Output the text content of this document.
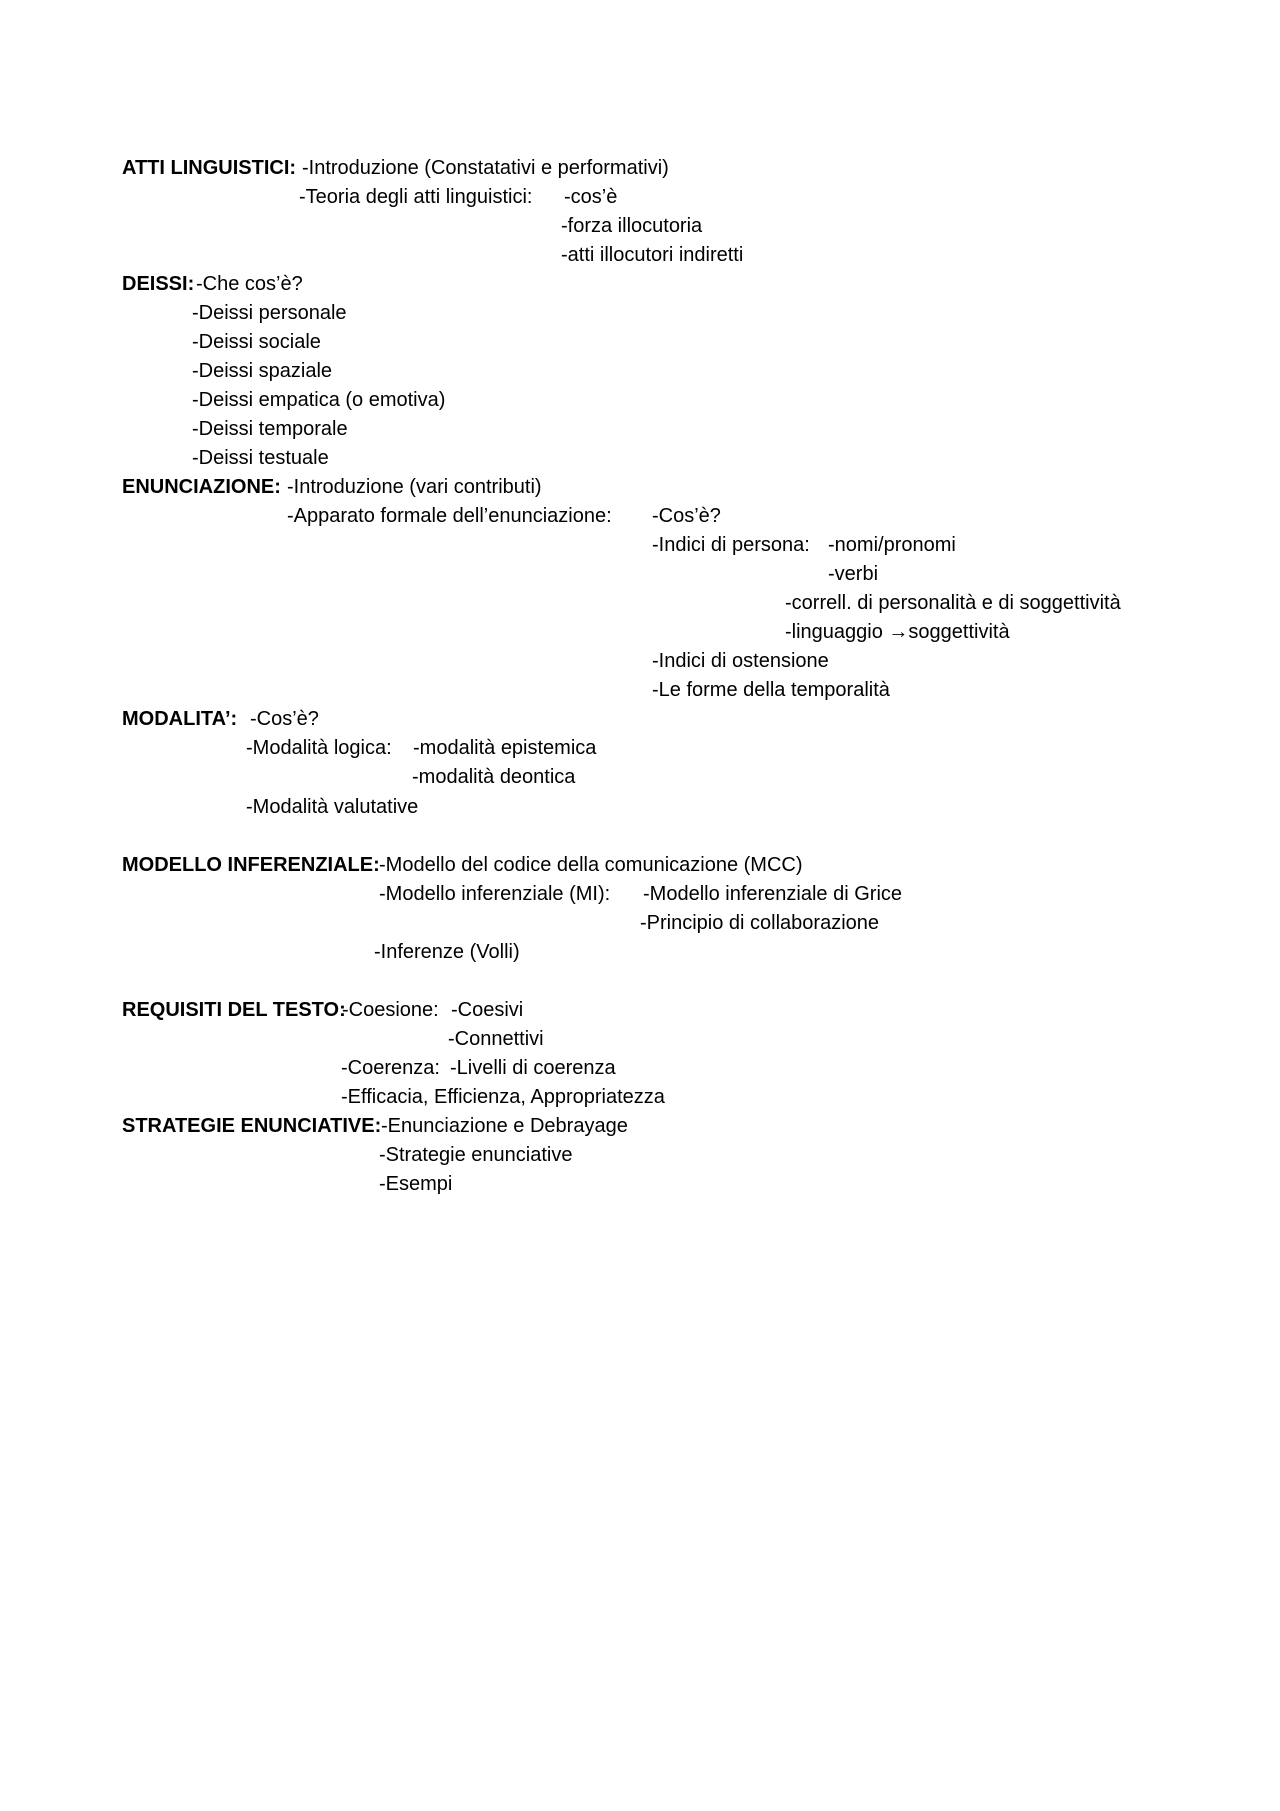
ATTI LINGUISTICI: -Introduzione (Constatativi e performativi)
-Teoria degli atti linguistici: -cos’è
-forza illocutoria
-atti illocutori indiretti
DEISSI: -Che cos’è?
-Deissi personale
-Deissi sociale
-Deissi spaziale
-Deissi empatica (o emotiva)
-Deissi temporale
-Deissi testuale
ENUNCIAZIONE: -Introduzione (vari contributi)
-Apparato formale dell’enunciazione: -Cos’è?
-Indici di persona: -nomi/pronomi
-verbi
-correll. di personalità e di soggettività
-linguaggio →soggettività
-Indici di ostensione
-Le forme della temporalità
MODALITA’: -Cos’è?
-Modalità logica: -modalità epistemica
-modalità deontica
-Modalità valutative
MODELLO INFERENZIALE: -Modello del codice della comunicazione (MCC)
-Modello inferenziale (MI): -Modello inferenziale di Grice
-Principio di collaborazione
-Inferenze (Volli)
REQUISITI DEL TESTO:
-Coesione: -Coesivi
-Connettivi
-Coerenza: -Livelli di coerenza
-Efficacia, Efficienza, Appropriatezza
STRATEGIE ENUNCIATIVE: -Enunciazione e Debrayage
-Strategie enunciative
-Esempi
